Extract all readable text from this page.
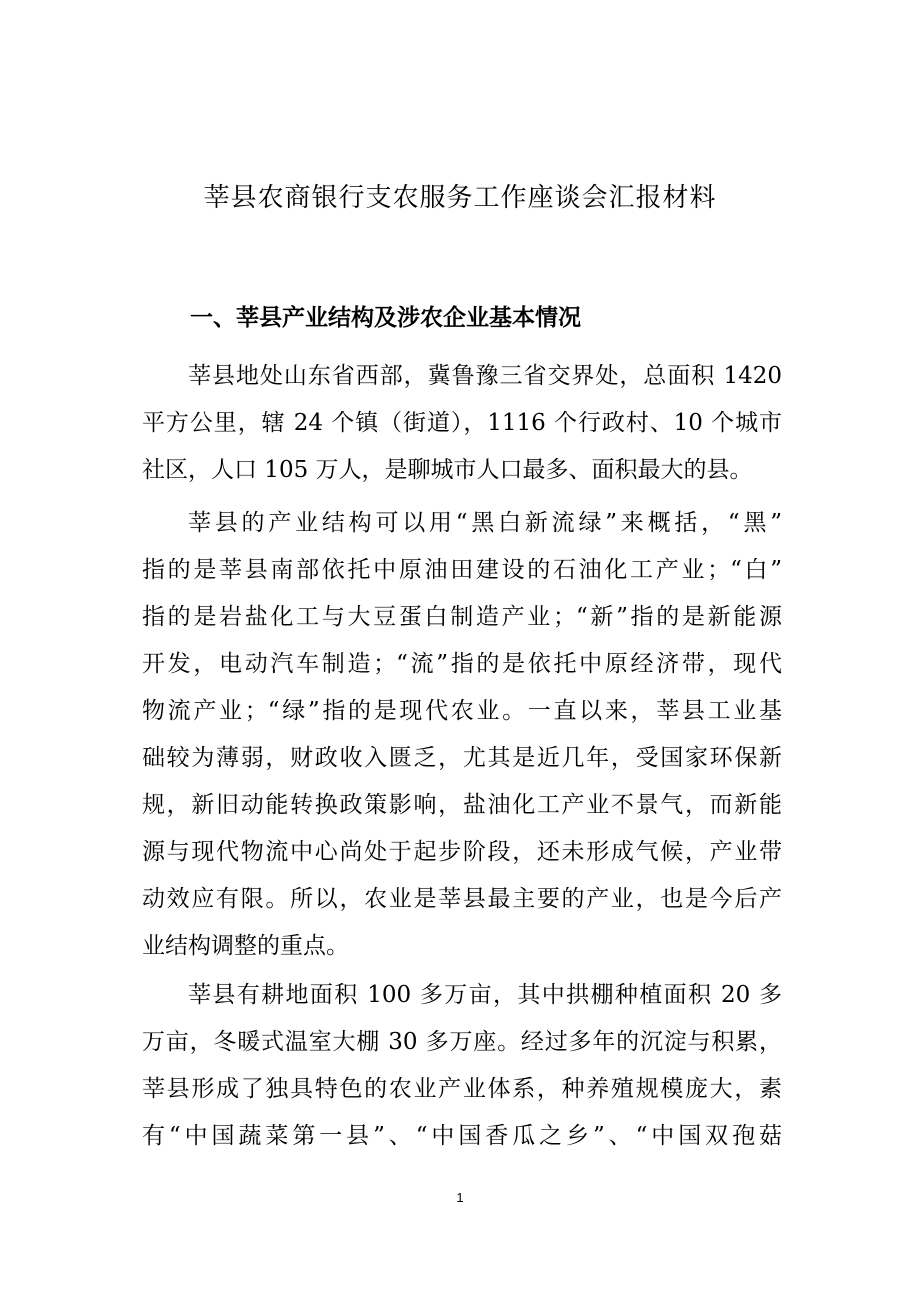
莘县农商银行支农服务工作座谈会汇报材料
一、莘县产业结构及涉农企业基本情况

莘县地处山东省西部，冀鲁豫三省交界处，总面积 1420
平方公里，辖 24 个镇（街道），1116 个行政村、10 个城市
社区，人口 105 万人，是聊城市人口最多、面积最大的县。

莘县的产业结构可以用“黑白新流绿”来概括，“黑”
指的是莘县南部依托中原油田建设的石油化工产业；“白”
指的是岩盐化工与大豆蛋白制造产业；“新”指的是新能源
开发，电动汽车制造；“流”指的是依托中原经济带，现代
物流产业；“绿”指的是现代农业。一直以来，莘县工业基
础较为薄弱，财政收入匮乏，尤其是近几年，受国家环保新
规，新旧动能转换政策影响，盐油化工产业不景气，而新能
源与现代物流中心尚处于起步阶段，还未形成气候，产业带
动效应有限。所以，农业是莘县最主要的产业，也是今后产
业结构调整的重点。

莘县有耕地面积 100 多万亩，其中拱棚种植面积 20 多
万亩，冬暖式温室大棚 30 多万座。经过多年的沉淀与积累，
莘县形成了独具特色的农业产业体系，种养殖规模庞大，素
有“中国蔬菜第一县”、“中国香瓜之乡”、“中国双孢菇

1
